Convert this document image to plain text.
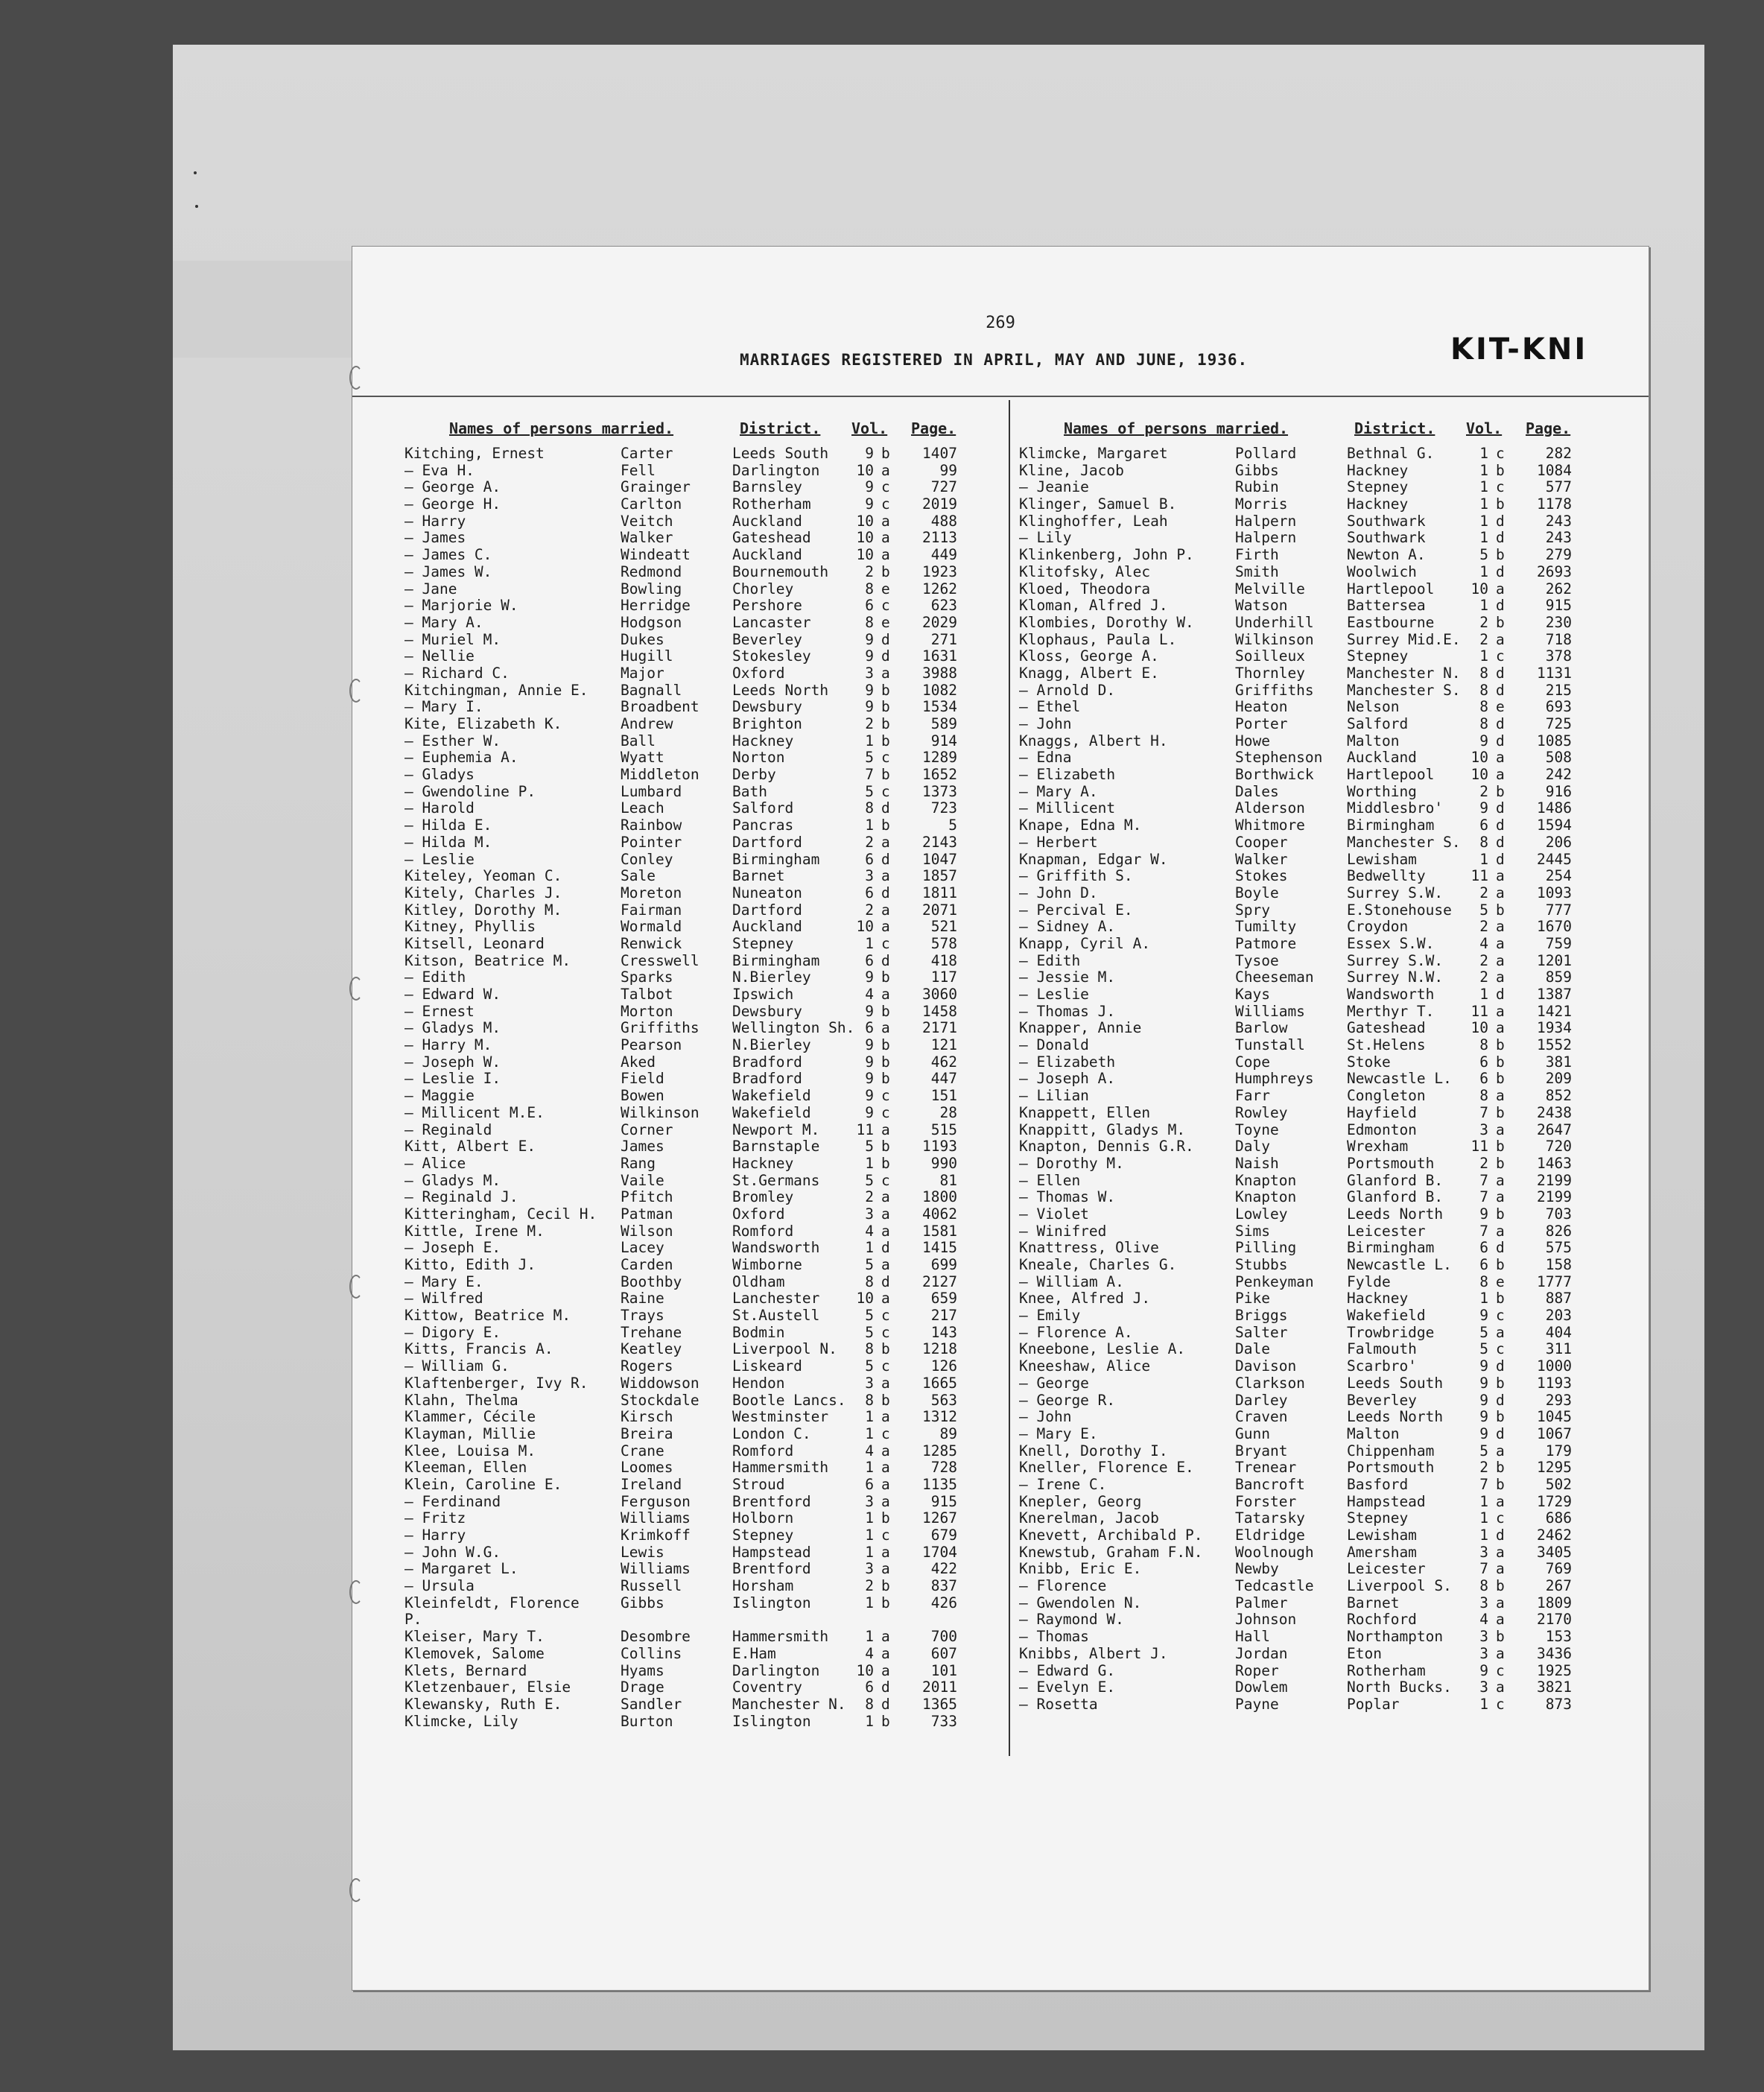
269
MARRIAGES REGISTERED IN APRIL, MAY AND JUNE, 1936.	KIT-KNI
Names of persons married.	District. Vol. Page.
Kitching, Ernest	Carter	Leeds South	9 b	1407
— Eva H.	Fell	Darlington	10 a	99
— George A.	Grainger	Barnsley	9 c	727
— George H.	Carlton	Rotherham	9 c	2019
— Harry	Veitch	Auckland	10 a	488
— James	Walker	Gateshead	10 a	2113
— James C.	Windeatt	Auckland	10 a	449
— James W.	Redmond	Bournemouth	2 b	1923
— Jane	Bowling	Chorley	8 e	1262
— Marjorie W.	Herridge	Pershore	6 c	623
— Mary A.	Hodgson	Lancaster	8 e	2029
— Muriel M.	Dukes	Beverley	9 d	271
— Nellie	Hugill	Stokesley	9 d	1631
— Richard C.	Major	Oxford	3 a	3988
Kitchingman, Annie E. Bagnall	Leeds North	9 b	1082
— Mary I.	Broadbent Dewsbury	9 b	1534
Kite, Elizabeth K.	Andrew	Brighton	2 b	589
— Esther W.	Ball	Hackney	1 b	914
— Euphemia A.	Wyatt	Norton	5 c	1289
— Gladys	Middleton Derby	7 b	1652
— Gwendoline P.	Lumbard	Bath	5 c	1373
— Harold	Leach	Salford	8 d	723
— Hilda E.	Rainbow	Pancras	1 b	5
— Hilda M.	Pointer	Dartford	2 a	2143
— Leslie	Conley	Birmingham	6 d	1047
Kiteley, Yeoman C.	Sale	Barnet	3 a	1857
Kitely, Charles J.	Moreton	Nuneaton	6 d	1811
Kitley, Dorothy M.	Fairman	Dartford	2 a	2071
Kitney, Phyllis	Wormald	Auckland	10 a	521
Kitsell, Leonard	Renwick	Stepney	1 c	578
Kitson, Beatrice M.	Cresswell Birmingham	6 d	418
— Edith	Sparks	N.Bierley	9 b	117
— Edward W.	Talbot	Ipswich	4 a	3060
— Ernest	Morton	Dewsbury	9 b	1458
— Gladys M.	Griffiths Wellington Sh. 6 a	2171
— Harry M.	Pearson	N.Bierley	9 b	121
— Joseph W.	Aked	Bradford	9 b	462
— Leslie I.	Field	Bradford	9 b	447
— Maggie	Bowen	Wakefield	9 c	151
— Millicent M.E.	Wilkinson Wakefield	9 c	28
— Reginald	Corner	Newport M.	11 a	515
Kitt, Albert E.	James	Barnstaple	5 b	1193
— Alice	Rang	Hackney	1 b	990
— Gladys M.	Vaile	St.Germans	5 c	81
— Reginald J.	Pfitch	Bromley	2 a	1800
Kitteringham, Cecil H. Patman	Oxford	3 a	4062
Kittle, Irene M.	Wilson	Romford	4 a	1581
— Joseph E.	Lacey	Wandsworth	1 d	1415
Kitto, Edith J.	Carden	Wimborne	5 a	699
— Mary E.	Boothby	Oldham	8 d	2127
— Wilfred	Raine	Lanchester	10 a	659
Kittow, Beatrice M.	Trays	St.Austell	5 c	217
— Digory E.	Trehane	Bodmin	5 c	143
Kitts, Francis A.	Keatley	Liverpool N.	8 b	1218
— William G.	Rogers	Liskeard	5 c	126
Klaftenberger, Ivy R. Widdowson Hendon	3 a	1665
Klahn, Thelma	Stockdale Bootle Lancs.	8 b	563
Klammer, Cécile	Kirsch	Westminster	1 a	1312
Klayman, Millie	Breira	London C.	1 c	89
Klee, Louisa M.	Crane	Romford	4 a	1285
Kleeman, Ellen	Loomes	Hammersmith	1 a	728
Klein, Caroline E.	Ireland	Stroud	6 a	1135
— Ferdinand	Ferguson	Brentford	3 a	915
— Fritz	Williams	Holborn	1 b	1267
— Harry	Krimkoff	Stepney	1 c	679
— John W.G.	Lewis	Hampstead	1 a	1704
— Margaret L.	Williams	Brentford	3 a	422
— Ursula	Russell	Horsham	2 b	837
Kleinfeldt, Florence	Gibbs	Islington	1 b	426
P.
Kleiser, Mary T.	Desombre	Hammersmith	1 a	700
Klemovek, Salome	Collins	E.Ham	4 a	607
Klets, Bernard	Hyams	Darlington	10 a	101
Kletzenbauer, Elsie	Drage	Coventry	6 d	2011
Klewansky, Ruth E.	Sandler	Manchester N.	8 d	1365
Klimcke, Lily	Burton	Islington	1 b	733
Names of persons married.	District. Vol. Page.
Klimcke, Margaret	Pollard	Bethnal G.	1 c	282
Kline, Jacob	Gibbs	Hackney	1 b	1084
— Jeanie	Rubin	Stepney	1 c	577
Klinger, Samuel B.	Morris	Hackney	1 b	1178
Klinghoffer, Leah	Halpern	Southwark	1 d	243
— Lily	Halpern	Southwark	1 d	243
Klinkenberg, John P.	Firth	Newton A.	5 b	279
Klitofsky, Alec	Smith	Woolwich	1 d	2693
Kloed, Theodora	Melville	Hartlepool	10 a	262
Kloman, Alfred J.	Watson	Battersea	1 d	915
Klombies, Dorothy W.	Underhill Eastbourne	2 b	230
Klophaus, Paula L.	Wilkinson Surrey Mid.E.	2 a	718
Kloss, George A.	Soilleux	Stepney	1 c	378
Knagg, Albert E.	Thornley	Manchester N.	8 d	1131
— Arnold D.	Griffiths Manchester S.	8 d	215
— Ethel	Heaton	Nelson	8 e	693
— John	Porter	Salford	8 d	725
Knaggs, Albert H.	Howe	Malton	9 d	1085
— Edna	Stephenson Auckland	10 a	508
— Elizabeth	Borthwick Hartlepool	10 a	242
— Mary A.	Dales	Worthing	2 b	916
— Millicent	Alderson	Middlesbro'	9 d	1486
Knape, Edna M.	Whitmore	Birmingham	6 d	1594
— Herbert	Cooper	Manchester S.	8 d	206
Knapman, Edgar W.	Walker	Lewisham	1 d	2445
— Griffith S.	Stokes	Bedwellty	11 a	254
— John D.	Boyle	Surrey S.W.	2 a	1093
— Percival E.	Spry	E.Stonehouse	5 b	777
— Sidney A.	Tumilty	Croydon	2 a	1670
Knapp, Cyril A.	Patmore	Essex S.W.	4 a	759
— Edith	Tysoe	Surrey S.W.	2 a	1201
— Jessie M.	Cheeseman Surrey N.W.	2 a	859
— Leslie	Kays	Wandsworth	1 d	1387
— Thomas J.	Williams	Merthyr T.	11 a	1421
Knapper, Annie	Barlow	Gateshead	10 a	1934
— Donald	Tunstall	St.Helens	8 b	1552
— Elizabeth	Cope	Stoke	6 b	381
— Joseph A.	Humphreys Newcastle L.	6 b	209
— Lilian	Farr	Congleton	8 a	852
Knappett, Ellen	Rowley	Hayfield	7 b	2438
Knappitt, Gladys M.	Toyne	Edmonton	3 a	2647
Knapton, Dennis G.R.	Daly	Wrexham	11 b	720
— Dorothy M.	Naish	Portsmouth	2 b	1463
— Ellen	Knapton	Glanford B.	7 a	2199
— Thomas W.	Knapton	Glanford B.	7 a	2199
— Violet	Lowley	Leeds North	9 b	703
— Winifred	Sims	Leicester	7 a	826
Knattress, Olive	Pilling	Birmingham	6 d	575
Kneale, Charles G.	Stubbs	Newcastle L.	6 b	158
— William A.	Penkeyman Fylde	8 e	1777
Knee, Alfred J.	Pike	Hackney	1 b	887
— Emily	Briggs	Wakefield	9 c	203
— Florence A.	Salter	Trowbridge	5 a	404
Kneebone, Leslie A.	Dale	Falmouth	5 c	311
Kneeshaw, Alice	Davison	Scarbro'	9 d	1000
— George	Clarkson	Leeds South	9 b	1193
— George R.	Darley	Beverley	9 d	293
— John	Craven	Leeds North	9 b	1045
— Mary E.	Gunn	Malton	9 d	1067
Knell, Dorothy I.	Bryant	Chippenham	5 a	179
Kneller, Florence E.	Trenear	Portsmouth	2 b	1295
— Irene C.	Bancroft	Basford	7 b	502
Knepler, Georg	Forster	Hampstead	1 a	1729
Knerelman, Jacob	Tatarsky	Stepney	1 c	686
Knevett, Archibald P. Eldridge	Lewisham	1 d	2462
Knewstub, Graham F.N. Woolnough Amersham	3 a	3405
Knibb, Eric E.	Newby	Leicester	7 a	769
— Florence	Tedcastle Liverpool S.	8 b	267
— Gwendolen N.	Palmer	Barnet	3 a	1809
— Raymond W.	Johnson	Rochford	4 a	2170
— Thomas	Hall	Northampton	3 b	153
Knibbs, Albert J.	Jordan	Eton	3 a	3436
— Edward G.	Roper	Rotherham	9 c	1925
— Evelyn E.	Dowlem	North Bucks.	3 a	3821
— Rosetta	Payne	Poplar	1 c	873
